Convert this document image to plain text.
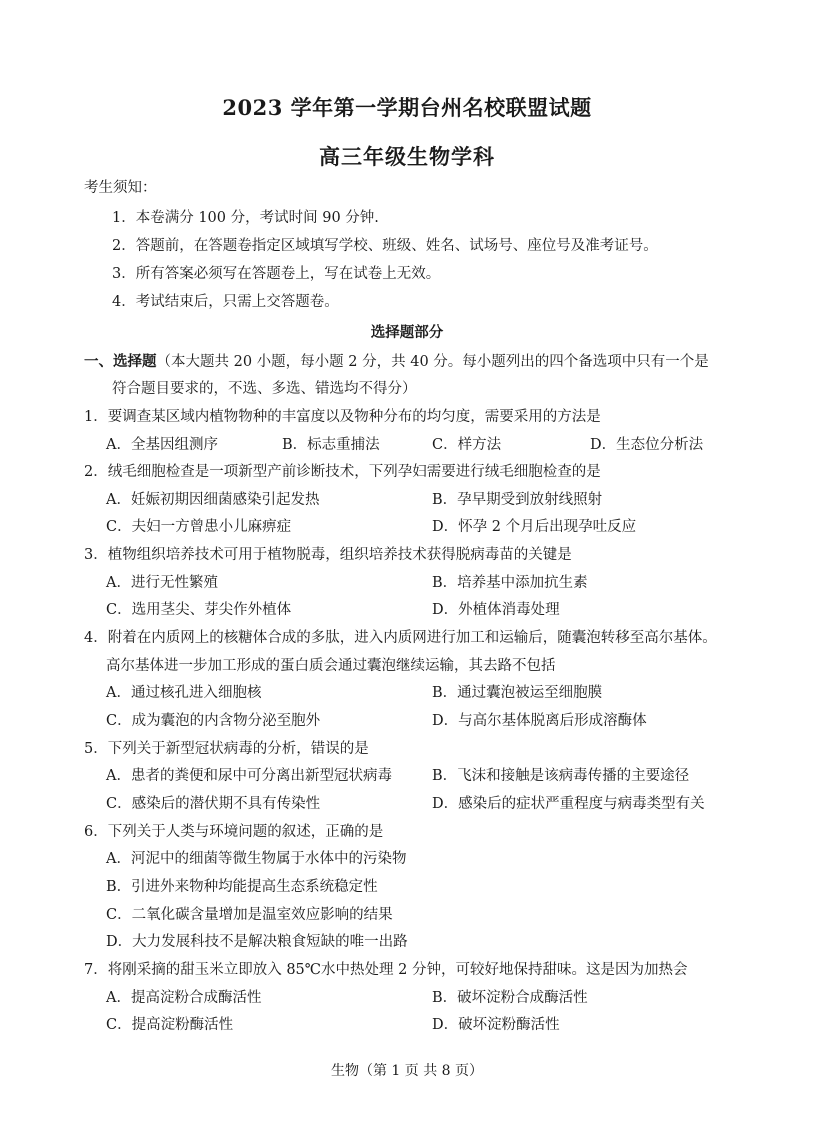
2023 学年第一学期台州名校联盟试题
高三年级生物学科
考生须知：
1．本卷满分 100 分，考试时间 90 分钟.
2．答题前，在答题卷指定区域填写学校、班级、姓名、试场号、座位号及准考证号。
3．所有答案必须写在答题卷上，写在试卷上无效。
4．考试结束后，只需上交答题卷。
选择题部分
一、选择题（本大题共 20 小题，每小题 2 分，共 40 分。每小题列出的四个备选项中只有一个是
符合题目要求的，不选、多选、错选均不得分）
1．要调查某区域内植物物种的丰富度以及物种分布的均匀度，需要采用的方法是
A．全基因组测序	B．标志重捕法	C．样方法	D．生态位分析法
2．绒毛细胞检查是一项新型产前诊断技术，下列孕妇需要进行绒毛细胞检查的是
A．妊娠初期因细菌感染引起发热	B．孕早期受到放射线照射
C．夫妇一方曾患小儿麻痹症	D．怀孕 2 个月后出现孕吐反应
3．植物组织培养技术可用于植物脱毒，组织培养技术获得脱病毒苗的关键是
A．进行无性繁殖	B．培养基中添加抗生素
C．选用茎尖、芽尖作外植体	D．外植体消毒处理
4．附着在内质网上的核糖体合成的多肽，进入内质网进行加工和运输后，随囊泡转移至高尔基体。
高尔基体进一步加工形成的蛋白质会通过囊泡继续运输，其去路不包括
A．通过核孔进入细胞核	B．通过囊泡被运至细胞膜
C．成为囊泡的内含物分泌至胞外	D．与高尔基体脱离后形成溶酶体
5．下列关于新型冠状病毒的分析，错误的是
A．患者的粪便和尿中可分离出新型冠状病毒	B．飞沫和接触是该病毒传播的主要途径
C．感染后的潜伏期不具有传染性	D．感染后的症状严重程度与病毒类型有关
6．下列关于人类与环境问题的叙述，正确的是
A．河泥中的细菌等微生物属于水体中的污染物
B．引进外来物种均能提高生态系统稳定性
C．二氧化碳含量增加是温室效应影响的结果
D．大力发展科技不是解决粮食短缺的唯一出路
7．将刚采摘的甜玉米立即放入 85℃水中热处理 2 分钟，可较好地保持甜味。这是因为加热会
A．提高淀粉合成酶活性	B．破坏淀粉合成酶活性
C．提高淀粉酶活性	D．破坏淀粉酶活性
生物（第 1 页 共 8 页）
